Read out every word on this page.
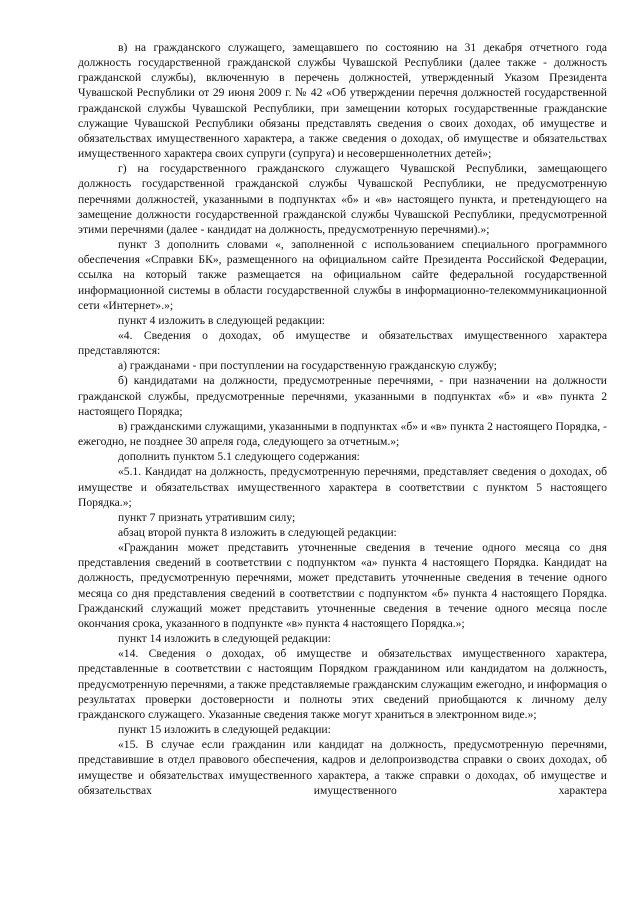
в) на гражданского служащего, замещавшего по состоянию на 31 декабря отчетного года должность государственной гражданской службы Чувашской Республики (далее также - должность гражданской службы), включенную в перечень должностей, утвержденный Указом Президента Чувашской Республики от 29 июня 2009 г. № 42 «Об утверждении перечня должностей государственной гражданской службы Чувашской Республики, при замещении которых государственные гражданские служащие Чувашской Республики обязаны представлять сведения о своих доходах, об имуществе и обязательствах имущественного характера, а также сведения о доходах, об имуществе и обязательствах имущественного характера своих супруги (супруга) и несовершеннолетних детей»;

г) на государственного гражданского служащего Чувашской Республики, замещающего должность государственной гражданской службы Чувашской Республики, не предусмотренную перечнями должностей, указанными в подпунктах «б» и «в» настоящего пункта, и претендующего на замещение должности государственной гражданской службы Чувашской Республики, предусмотренной этими перечнями (далее - кандидат на должность, предусмотренную перечнями).»;

пункт 3 дополнить словами «, заполненной с использованием специального программного обеспечения «Справки БК», размещенного на официальном сайте Президента Российской Федерации, ссылка на который также размещается на официальном сайте федеральной государственной информационной системы в области государственной службы в информационно-телекоммуникационной сети «Интернет».»;

пункт 4 изложить в следующей редакции:

«4. Сведения о доходах, об имуществе и обязательствах имущественного характера представляются:

а) гражданами - при поступлении на государственную гражданскую службу;

б) кандидатами на должности, предусмотренные перечнями, - при назначении на должности гражданской службы, предусмотренные перечнями, указанными в подпунктах «б» и «в» пункта 2 настоящего Порядка;

в) гражданскими служащими, указанными в подпунктах «б» и «в» пункта 2 настоящего Порядка, - ежегодно, не позднее 30 апреля года, следующего за отчетным.»;

дополнить пунктом 5.1 следующего содержания:

«5.1. Кандидат на должность, предусмотренную перечнями, представляет сведения о доходах, об имуществе и обязательствах имущественного характера в соответствии с пунктом 5 настоящего Порядка.»;

пункт 7 признать утратившим силу;

абзац второй пункта 8 изложить в следующей редакции:

«Гражданин может представить уточненные сведения в течение одного месяца со дня представления сведений в соответствии с подпунктом «а» пункта 4 настоящего Порядка. Кандидат на должность, предусмотренную перечнями, может представить уточненные сведения в течение одного месяца со дня представления сведений в соответствии с подпунктом «б» пункта 4 настоящего Порядка. Гражданский служащий может представить уточненные сведения в течение одного месяца после окончания срока, указанного в подпункте «в» пункта 4 настоящего Порядка.»;

пункт 14 изложить в следующей редакции:

«14. Сведения о доходах, об имуществе и обязательствах имущественного характера, представленные в соответствии с настоящим Порядком гражданином или кандидатом на должность, предусмотренную перечнями, а также представляемые гражданским служащим ежегодно, и информация о результатах проверки достоверности и полноты этих сведений приобщаются к личному делу гражданского служащего. Указанные сведения также могут храниться в электронном виде.»;

пункт 15 изложить в следующей редакции:

«15. В случае если гражданин или кандидат на должность, предусмотренную перечнями, представившие в отдел правового обеспечения, кадров и делопроизводства справки о своих доходах, об имуществе и обязательствах имущественного характера, а также справки о доходах, об имуществе и обязательствах имущественного характера
